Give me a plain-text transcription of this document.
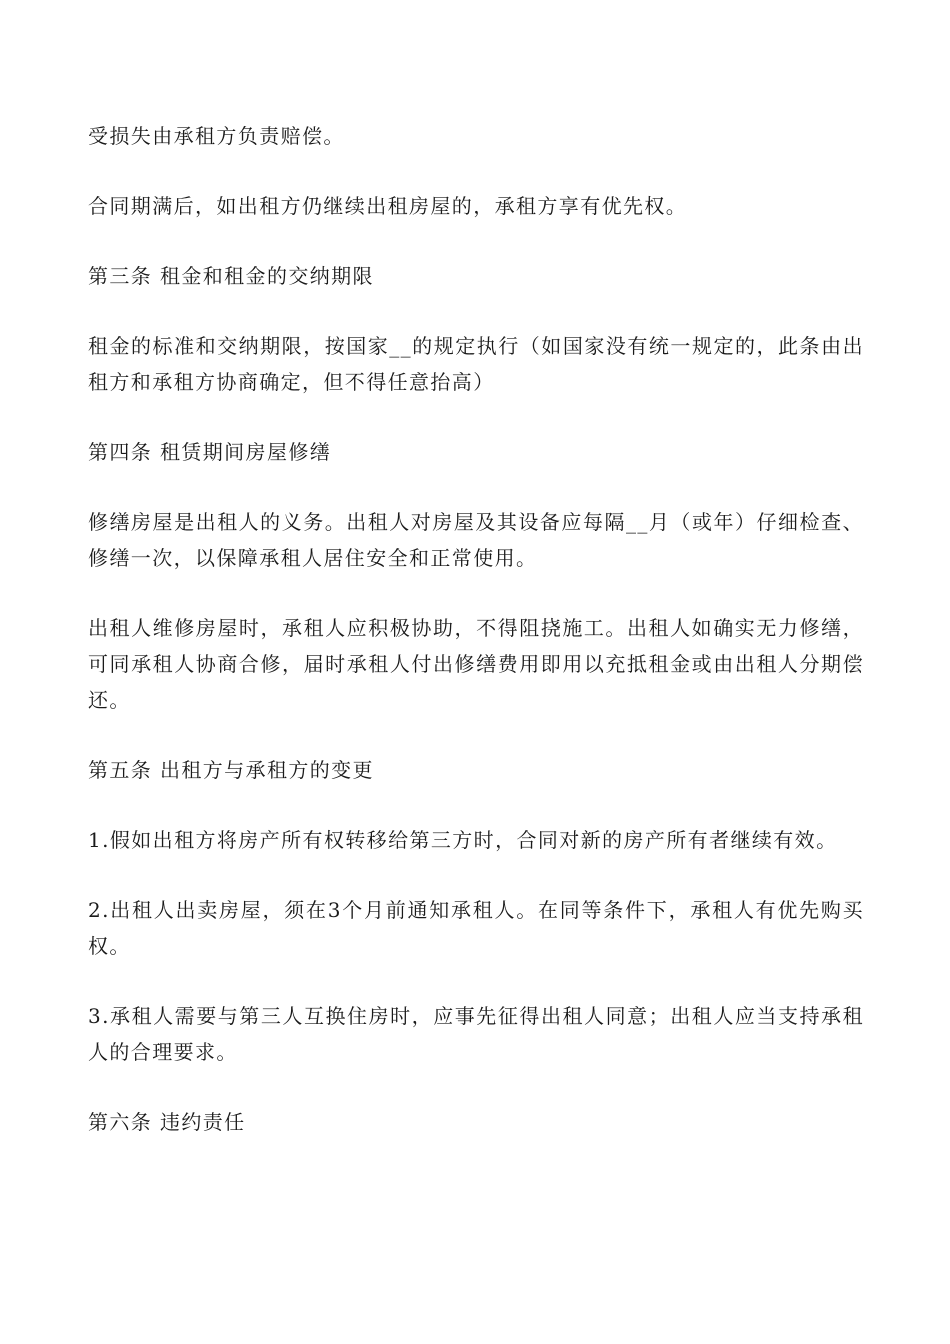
受损失由承租方负责赔偿。

合同期满后，如出租方仍继续出租房屋的，承租方享有优先权。

第三条 租金和租金的交纳期限

租金的标准和交纳期限，按国家__的规定执行（如国家没有统一规定的，此条由出租方和承租方协商确定，但不得任意抬高）

第四条 租赁期间房屋修缮

修缮房屋是出租人的义务。出租人对房屋及其设备应每隔__月（或年）仔细检查、修缮一次，以保障承租人居住安全和正常使用。

出租人维修房屋时，承租人应积极协助，不得阻挠施工。出租人如确实无力修缮，可同承租人协商合修，届时承租人付出修缮费用即用以充抵租金或由出租人分期偿还。

第五条 出租方与承租方的变更

1.假如出租方将房产所有权转移给第三方时，合同对新的房产所有者继续有效。

2.出租人出卖房屋，须在3个月前通知承租人。在同等条件下，承租人有优先购买权。

3.承租人需要与第三人互换住房时，应事先征得出租人同意；出租人应当支持承租人的合理要求。

第六条 违约责任
